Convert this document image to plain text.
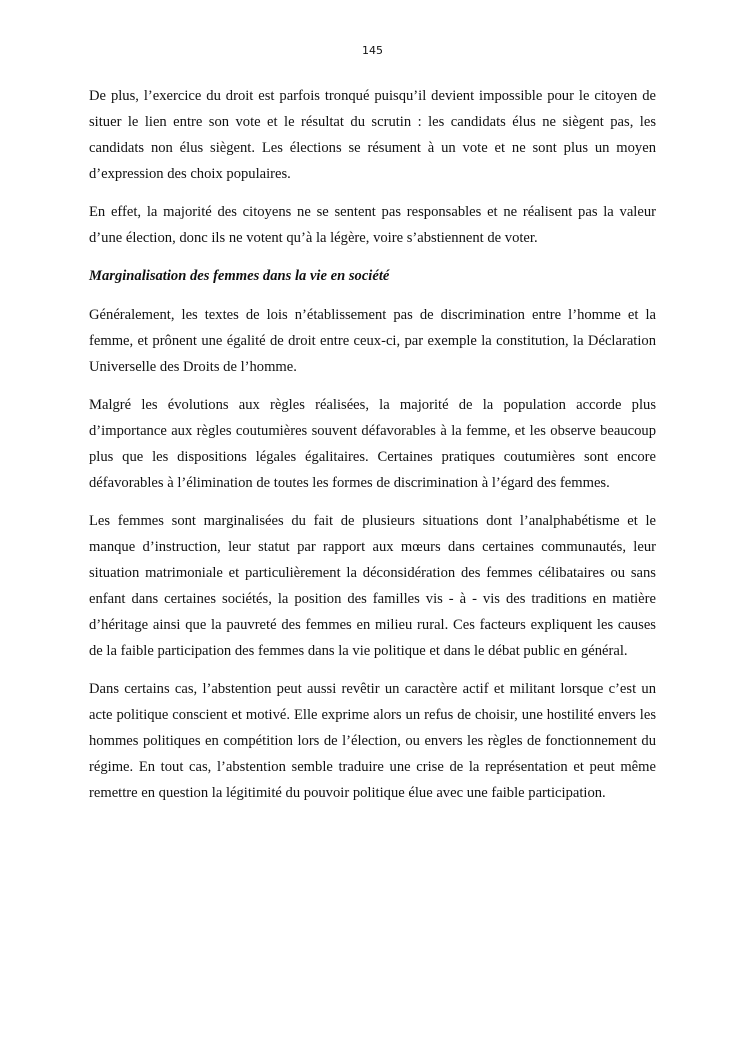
145

De plus, l’exercice du droit est parfois tronqué puisqu’il devient impossible pour le citoyen de situer le lien entre son vote et le résultat du scrutin : les candidats élus ne siègent pas, les candidats non élus siègent. Les élections se résument à un vote et ne sont plus un moyen d’expression des choix populaires.

En effet, la majorité des citoyens ne se sentent pas responsables et ne réalisent pas la valeur d’une élection, donc ils ne votent qu’à la légère, voire s’abstiennent de voter.

Marginalisation des femmes dans la vie en société

Généralement, les textes de lois n’établissement pas de discrimination entre l’homme et la femme, et prônent une égalité de droit entre ceux-ci, par exemple la constitution, la Déclaration Universelle des Droits de l’homme.

Malgré les évolutions aux règles réalisées, la majorité de la population accorde plus d’importance aux règles coutumières souvent défavorables à la femme, et les observe beaucoup plus que les dispositions légales égalitaires. Certaines pratiques coutumières sont encore défavorables à l’élimination de toutes les formes de discrimination à l’égard des femmes.

Les femmes sont marginalisées du fait de plusieurs situations dont l’analphabétisme et le manque d’instruction, leur statut par rapport aux mœurs dans certaines communautés, leur situation matrimoniale et particulièrement la déconsidération des femmes célibataires ou sans enfant dans certaines sociétés, la position des familles vis - à - vis des traditions en matière d’héritage ainsi que la pauvreté des femmes en milieu rural. Ces facteurs expliquent les causes de la faible participation des femmes dans la vie politique et dans le débat public en général.

Dans certains cas, l’abstention peut aussi revêtir un caractère actif et militant lorsque c’est un acte politique conscient et motivé. Elle exprime alors un refus de choisir, une hostilité envers les hommes politiques en compétition lors de l’élection, ou envers les règles de fonctionnement du régime. En tout cas, l’abstention semble traduire une crise de la représentation et peut même remettre en question la légitimité du pouvoir politique élue avec une faible participation.
